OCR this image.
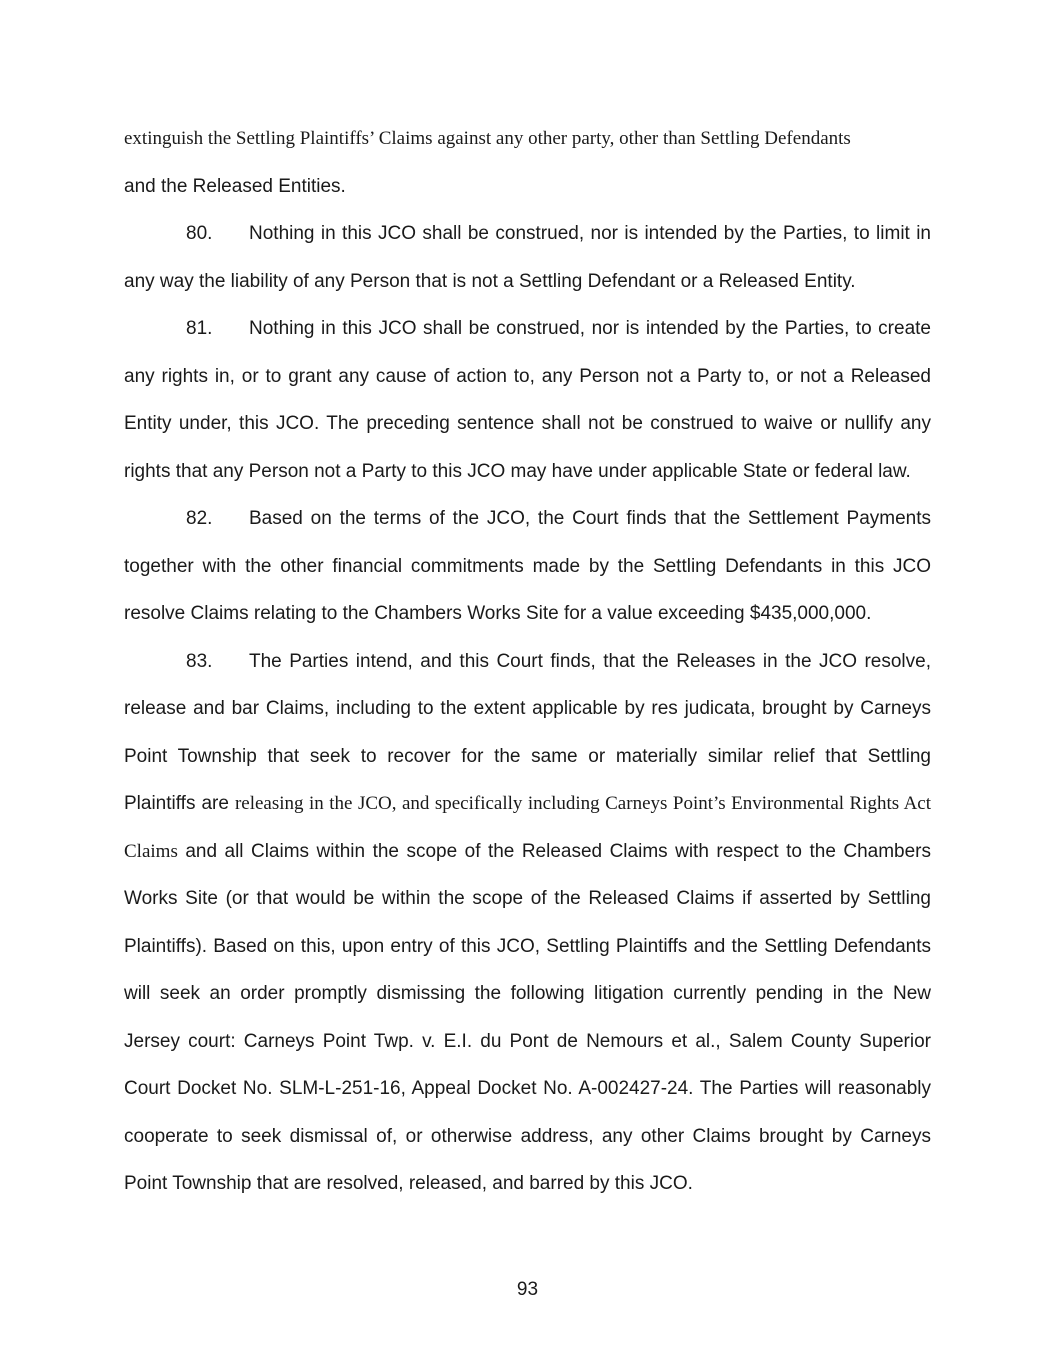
extinguish the Settling Plaintiffs’ Claims against any other party, other than Settling Defendants

and the Released Entities.

80. Nothing in this JCO shall be construed, nor is intended by the Parties, to limit in any way the liability of any Person that is not a Settling Defendant or a Released Entity.

81. Nothing in this JCO shall be construed, nor is intended by the Parties, to create any rights in, or to grant any cause of action to, any Person not a Party to, or not a Released Entity under, this JCO. The preceding sentence shall not be construed to waive or nullify any rights that any Person not a Party to this JCO may have under applicable State or federal law.

82. Based on the terms of the JCO, the Court finds that the Settlement Payments together with the other financial commitments made by the Settling Defendants in this JCO resolve Claims relating to the Chambers Works Site for a value exceeding $435,000,000.

83. The Parties intend, and this Court finds, that the Releases in the JCO resolve, release and bar Claims, including to the extent applicable by res judicata, brought by Carneys Point Township that seek to recover for the same or materially similar relief that Settling Plaintiffs are releasing in the JCO, and specifically including Carneys Point’s Environmental Rights Act Claims and all Claims within the scope of the Released Claims with respect to the Chambers Works Site (or that would be within the scope of the Released Claims if asserted by Settling Plaintiffs). Based on this, upon entry of this JCO, Settling Plaintiffs and the Settling Defendants will seek an order promptly dismissing the following litigation currently pending in the New Jersey court: Carneys Point Twp. v. E.I. du Pont de Nemours et al., Salem County Superior Court Docket No. SLM-L-251-16, Appeal Docket No. A-002427-24. The Parties will reasonably cooperate to seek dismissal of, or otherwise address, any other Claims brought by Carneys Point Township that are resolved, released, and barred by this JCO.

93
